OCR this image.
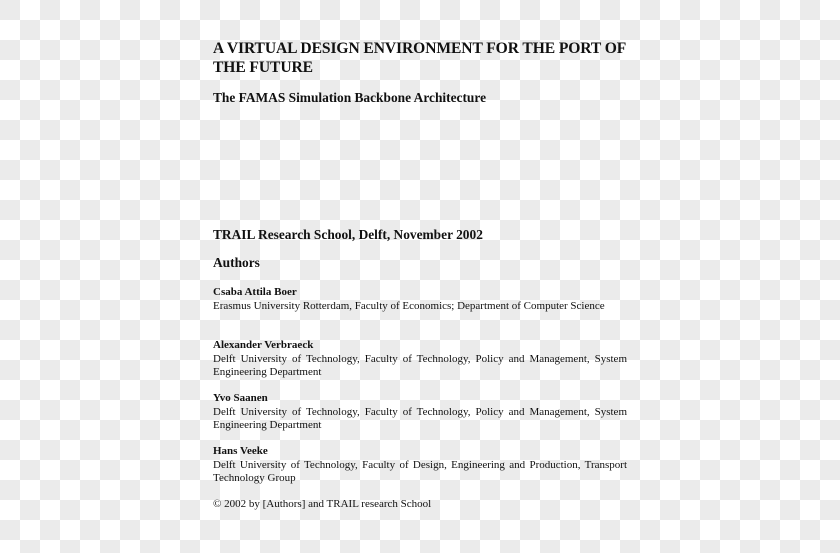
A VIRTUAL DESIGN ENVIRONMENT FOR THE PORT OF THE FUTURE
The FAMAS Simulation Backbone Architecture
TRAIL Research School, Delft, November 2002
Authors
Csaba Attila Boer
Erasmus University Rotterdam, Faculty of Economics; Department of Computer Science
Alexander Verbraeck
Delft University of Technology, Faculty of Technology, Policy and Management, System Engineering Department
Yvo Saanen
Delft University of Technology, Faculty of Technology, Policy and Management, System Engineering Department
Hans Veeke
Delft University of Technology, Faculty of Design, Engineering and Production, Transport Technology Group
© 2002 by [Authors] and TRAIL research School
